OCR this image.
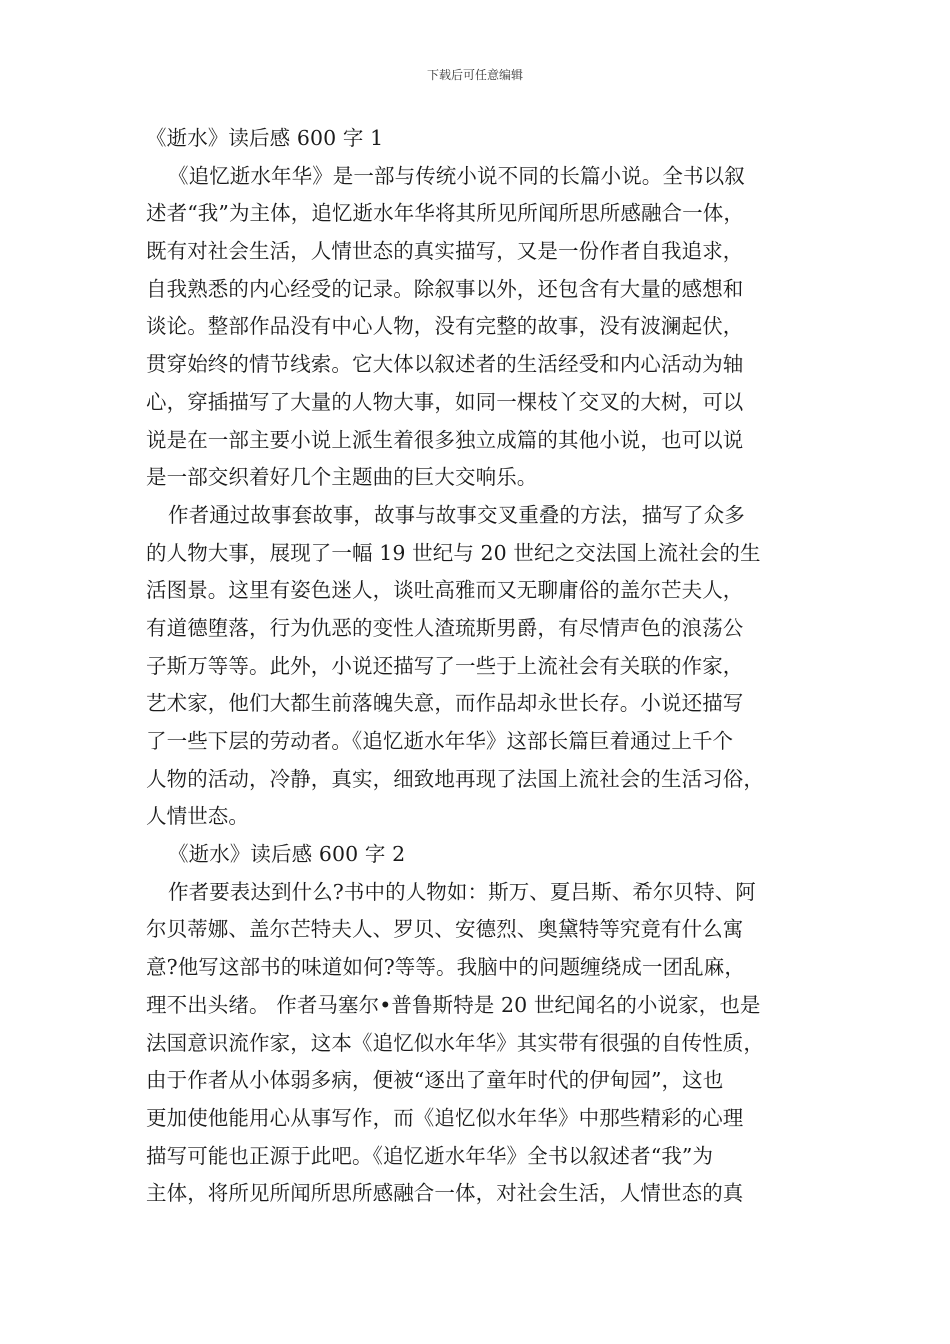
下载后可任意编辑
《逝水》读后感 600 字 1
《追忆逝水年华》是一部与传统小说不同的长篇小说。全书以叙
述者“我”为主体，追忆逝水年华将其所见所闻所思所感融合一体，
既有对社会生活，人情世态的真实描写，又是一份作者自我追求，
自我熟悉的内心经受的记录。除叙事以外，还包含有大量的感想和
谈论。整部作品没有中心人物，没有完整的故事，没有波澜起伏，
贯穿始终的情节线索。它大体以叙述者的生活经受和内心活动为轴
心，穿插描写了大量的人物大事，如同一棵枝丫交叉的大树，可以
说是在一部主要小说上派生着很多独立成篇的其他小说，也可以说
是一部交织着好几个主题曲的巨大交响乐。
作者通过故事套故事，故事与故事交叉重叠的方法，描写了众多
的人物大事，展现了一幅 19 世纪与 20 世纪之交法国上流社会的生
活图景。这里有姿色迷人，谈吐高雅而又无聊庸俗的盖尔芒夫人，
有道德堕落，行为仇恶的变性人渣琉斯男爵，有尽情声色的浪荡公
子斯万等等。此外，小说还描写了一些于上流社会有关联的作家，
艺术家，他们大都生前落魄失意，而作品却永世长存。小说还描写
了一些下层的劳动者。《追忆逝水年华》这部长篇巨着通过上千个
人物的活动，冷静，真实，细致地再现了法国上流社会的生活习俗，
人情世态。
《逝水》读后感 600 字 2
作者要表达到什么?书中的人物如：斯万、夏吕斯、希尔贝特、阿
尔贝蒂娜、盖尔芒特夫人、罗贝、安德烈、奥黛特等究竟有什么寓
意?他写这部书的味道如何?等等。我脑中的问题缠绕成一团乱麻，
理不出头绪。 作者马塞尔•普鲁斯特是 20 世纪闻名的小说家，也是
法国意识流作家，这本《追忆似水年华》其实带有很强的自传性质，
由于作者从小体弱多病，便被“逐出了童年时代的伊甸园”，这也
更加使他能用心从事写作，而《追忆似水年华》中那些精彩的心理
描写可能也正源于此吧。《追忆逝水年华》全书以叙述者“我”为
主体，将所见所闻所思所感融合一体，对社会生活，人情世态的真
